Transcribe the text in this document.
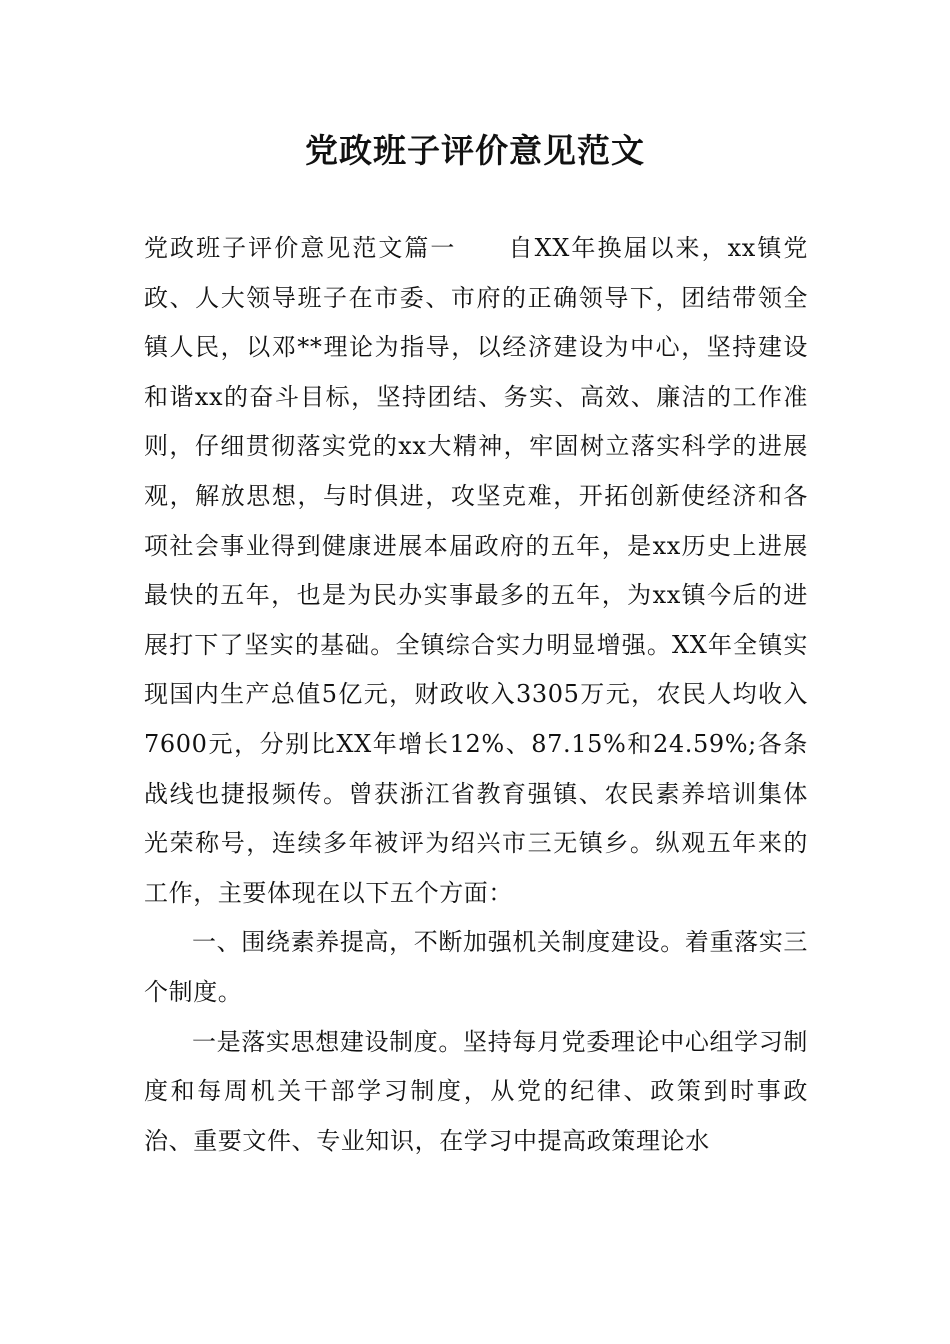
党政班子评价意见范文

党政班子评价意见范文篇一　　自XX年换届以来，xx镇党政、人大领导班子在市委、市府的正确领导下，团结带领全镇人民，以邓**理论为指导，以经济建设为中心，坚持建设和谐xx的奋斗目标，坚持团结、务实、高效、廉洁的工作准则，仔细贯彻落实党的xx大精神，牢固树立落实科学的进展观，解放思想，与时俱进，攻坚克难，开拓创新使经济和各项社会事业得到健康进展本届政府的五年，是xx历史上进展最快的五年，也是为民办实事最多的五年，为xx镇今后的进展打下了坚实的基础。全镇综合实力明显增强。XX年全镇实现国内生产总值5亿元，财政收入3305万元，农民人均收入7600元，分别比XX年增长12%、87.15%和24.59%;各条战线也捷报频传。曾获浙江省教育强镇、农民素养培训集体光荣称号，连续多年被评为绍兴市三无镇乡。纵观五年来的工作，主要体现在以下五个方面：

一、围绕素养提高，不断加强机关制度建设。着重落实三个制度。

一是落实思想建设制度。坚持每月党委理论中心组学习制度和每周机关干部学习制度，从党的纪律、政策到时事政治、重要文件、专业知识，在学习中提高政策理论水
